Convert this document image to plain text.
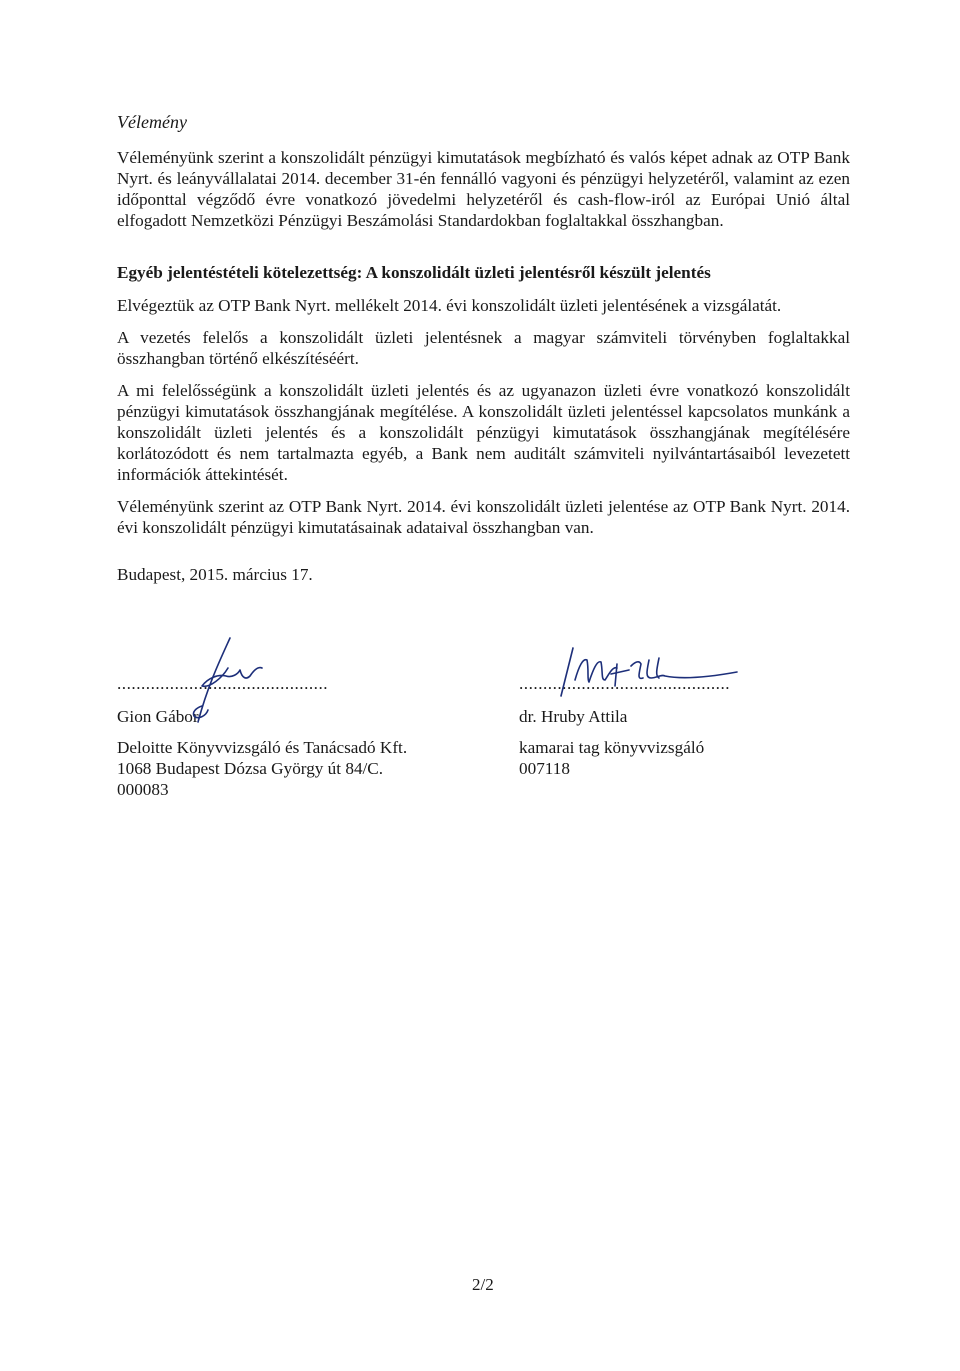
Vélemény
Véleményünk szerint a konszolidált pénzügyi kimutatások megbízható és valós képet adnak az OTP Bank Nyrt. és leányvállalatai 2014. december 31-én fennálló vagyoni és pénzügyi helyzetéről, valamint az ezen időponttal végződő évre vonatkozó jövedelmi helyzetéről és cash-flow-iról az Európai Unió által elfogadott Nemzetközi Pénzügyi Beszámolási Standardokban foglaltakkal összhangban.
Egyéb jelentéstételi kötelezettség: A konszolidált üzleti jelentésről készült jelentés
Elvégeztük az OTP Bank Nyrt. mellékelt 2014. évi konszolidált üzleti jelentésének a vizsgálatát.
A vezetés felelős a konszolidált üzleti jelentésnek a magyar számviteli törvényben foglaltakkal összhangban történő elkészítéséért.
A mi felelősségünk a konszolidált üzleti jelentés és az ugyanazon üzleti évre vonatkozó konszolidált pénzügyi kimutatások összhangjának megítélése. A konszolidált üzleti jelentéssel kapcsolatos munkánk a konszolidált üzleti jelentés és a konszolidált pénzügyi kimutatások összhangjának megítélésére korlátozódott és nem tartalmazta egyéb, a Bank nem auditált számviteli nyilvántartásaiból levezetett információk áttekintését.
Véleményünk szerint az OTP Bank Nyrt. 2014. évi konszolidált üzleti jelentése az OTP Bank Nyrt. 2014. évi konszolidált pénzügyi kimutatásainak adataival összhangban van.
Budapest, 2015. március 17.
............................................
Gion Gábor
Deloitte Könyvvizsgáló és Tanácsadó Kft.
1068 Budapest Dózsa György út 84/C.
000083
............................................
dr. Hruby Attila
kamarai tag könyvvizsgáló
007118
2/2
